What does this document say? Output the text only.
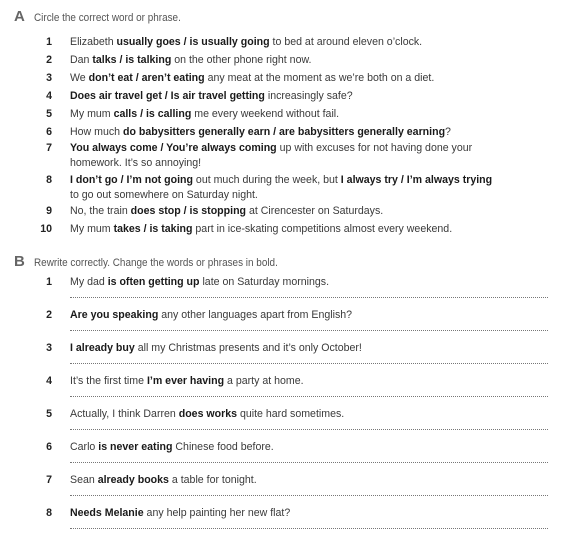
A Circle the correct word or phrase.
1 Elizabeth usually goes / is usually going to bed at around eleven o’clock.
2 Dan talks / is talking on the other phone right now.
3 We don’t eat / aren’t eating any meat at the moment as we’re both on a diet.
4 Does air travel get / Is air travel getting increasingly safe?
5 My mum calls / is calling me every weekend without fail.
6 How much do babysitters generally earn / are babysitters generally earning?
7 You always come / You’re always coming up with excuses for not having done your
homework. It’s so annoying!
8 I don’t go / I’m not going out much during the week, but I always try / I’m always trying
to go out somewhere on Saturday night.
9 No, the train does stop / is stopping at Cirencester on Saturdays.
10 My mum takes / is taking part in ice-skating competitions almost every weekend.
B Rewrite correctly. Change the words or phrases in bold.
1 My dad is often getting up late on Saturday mornings.
2 Are you speaking any other languages apart from English?
3 I already buy all my Christmas presents and it’s only October!
4 It’s the first time I’m ever having a party at home.
5 Actually, I think Darren does works quite hard sometimes.
6 Carlo is never eating Chinese food before.
7 Sean already books a table for tonight.
8 Needs Melanie any help painting her new flat?
